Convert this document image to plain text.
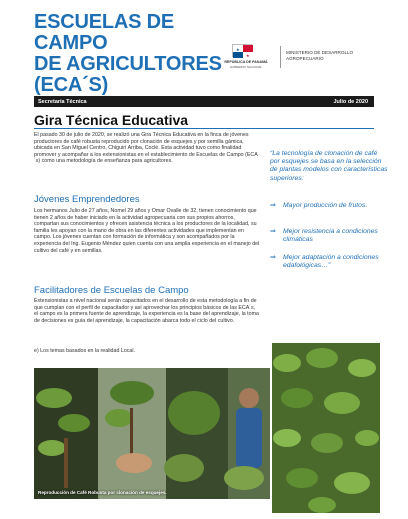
ESCUELAS DE CAMPO
DE AGRICULTORES
(ECA´S)
★
★
REPÚBLICA DE PANAMÁ
GOBIERNO NACIONAL
MINISTERIO DE DESARROLLO AGROPECUARIO
Secretaría Técnica	Julio de 2020
Gira Técnica Educativa

El pasado 30 de julio de 2020, se realizó una Gira Técnica Educativa en la finca de jóvenes productores de café robusta reproducido por clonación de esquejes y por semilla gámica, ubicada en San Miguel Centro, Chiguirí Arriba, Coclé. Esta actividad tuvo como finalidad promover y acompañar a los extensionistas en el establecimiento de Escuelas de Campo (ECA´s) como una metodología de enseñanza para agricultores.

Jóvenes Emprendedores

Los hermanos Julio de 27 años, Nomel 29 años y Omar Ovalle de 32, tienen conocimiento que tienen 2 años de haber iniciado en la actividad agropecuaria con sus propios ahorros, compartan sus conocimientos y ofrecen asistencia técnica a los productores de la localidad, su familia les apoyan con la mano de obra en las diferentes actividades que implementan en campo. Los jóvenes cuentan con formación de informática y son acompañados por la experiencia del Ing. Eugenio Méndez quien cuenta con una amplia experiencia en el manejo del cultivo del café y en semillas.

Facilitadores de Escuelas de Campo

Extensionistas a nivel nacional serán capacitados en el desarrollo de esta metodología a fin de que cumplan con el perfil de capacitador y así aprovechar los principios básicos de las ECA´s, el campo es la primera fuente de aprendizaje, la experiencia es la base del aprendizaje, la toma de decisiones es guía del aprendizaje, la capacitación abarca todo el ciclo del cultivo.

e) Los temas basados en la realidad Local.

“La tecnología de clonación de café por esquejes se basa en la selección de plantas modelos con características superiores:
⇒ Mayor producción de frutos.
⇒ Mejor resistencia a condiciones climáticas
⇒ Mejor adaptación a condiciones edafológicas…”
Reproducción de Café Robusta por clonación de esquejes.
